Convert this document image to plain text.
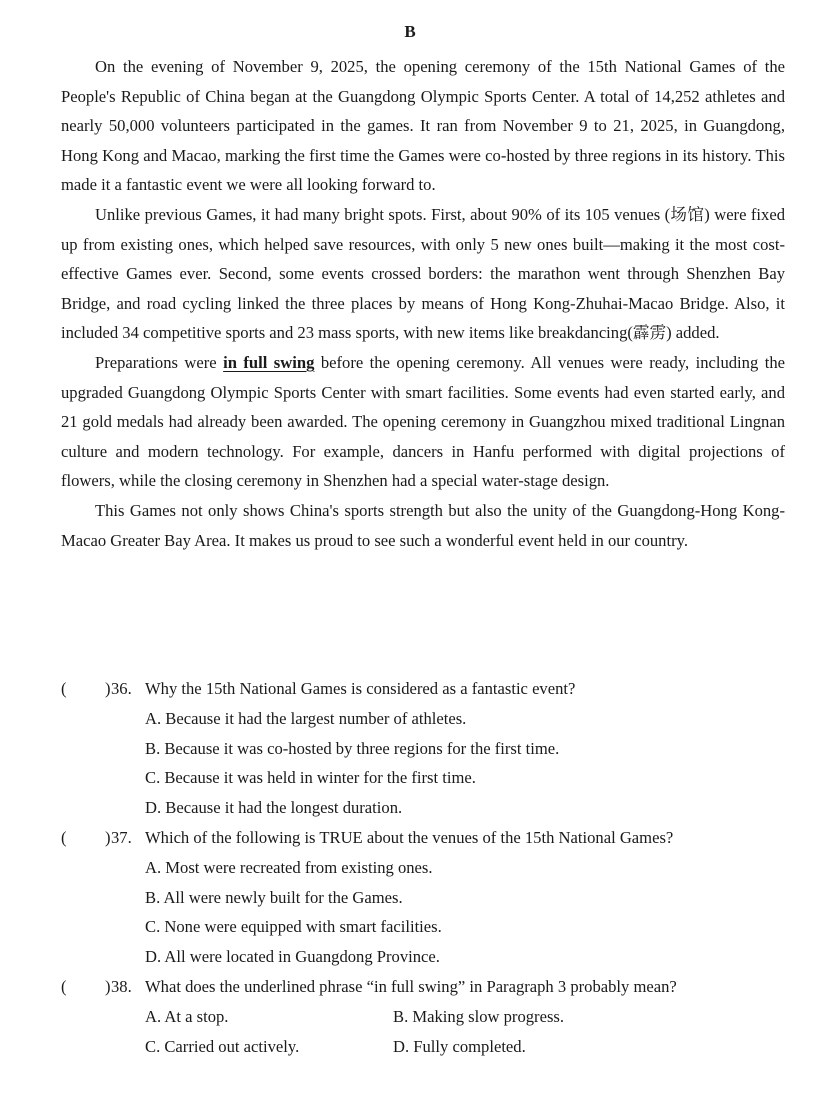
B

On the evening of November 9, 2025, the opening ceremony of the 15th National Games of the People's Republic of China began at the Guangdong Olympic Sports Center. A total of 14,252 athletes and nearly 50,000 volunteers participated in the games. It ran from November 9 to 21, 2025, in Guangdong, Hong Kong and Macao, marking the first time the Games were co-hosted by three regions in its history. This made it a fantastic event we were all looking forward to.

Unlike previous Games, it had many bright spots. First, about 90% of its 105 venues (场馆) were fixed up from existing ones, which helped save resources, with only 5 new ones built—making it the most cost-effective Games ever. Second, some events crossed borders: the marathon went through Shenzhen Bay Bridge, and road cycling linked the three places by means of Hong Kong-Zhuhai-Macao Bridge. Also, it included 34 competitive sports and 23 mass sports, with new items like breakdancing(霹雳) added.

Preparations were in full swing before the opening ceremony. All venues were ready, including the upgraded Guangdong Olympic Sports Center with smart facilities. Some events had even started early, and 21 gold medals had already been awarded. The opening ceremony in Guangzhou mixed traditional Lingnan culture and modern technology. For example, dancers in Hanfu performed with digital projections of flowers, while the closing ceremony in Shenzhen had a special water-stage design.

This Games not only shows China's sports strength but also the unity of the Guangdong-Hong Kong-Macao Greater Bay Area. It makes us proud to see such a wonderful event held in our country.

( ) 36. Why the 15th National Games is considered as a fantastic event?
A. Because it had the largest number of athletes.
B. Because it was co-hosted by three regions for the first time.
C. Because it was held in winter for the first time.
D. Because it had the longest duration.
( ) 37. Which of the following is TRUE about the venues of the 15th National Games?
A. Most were recreated from existing ones.
B. All were newly built for the Games.
C. None were equipped with smart facilities.
D. All were located in Guangdong Province.
( ) 38. What does the underlined phrase “in full swing” in Paragraph 3 probably mean?
A. At a stop.	B. Making slow progress.C. Carried out actively.	D. Fully completed.
